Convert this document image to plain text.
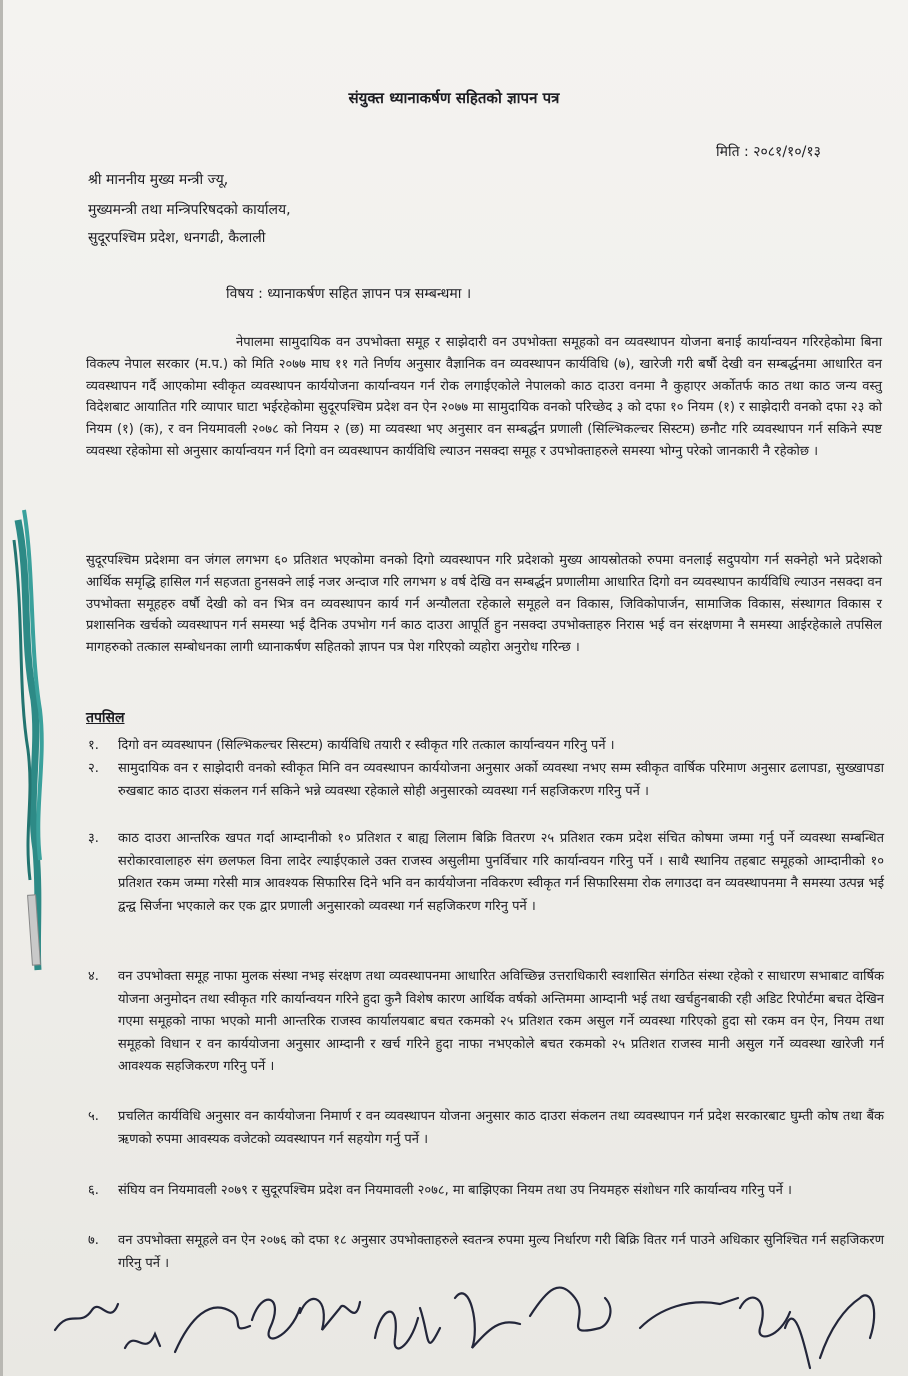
संयुक्त ध्यानाकर्षण सहितको ज्ञापन पत्र
मिति : २०८१/१०/१३
श्री माननीय मुख्य मन्त्री ज्यू,
मुख्यमन्त्री तथा मन्त्रिपरिषदको कार्यालय,
सुदूरपश्चिम प्रदेश, धनगढी, कैलाली
विषय : ध्यानाकर्षण सहित ज्ञापन पत्र सम्बन्धमा ।
नेपालमा सामुदायिक वन उपभोक्ता समूह र साझेदारी वन उपभोक्ता समूहको वन व्यवस्थापन योजना बनाई कार्यान्वयन गरिरहेकोमा बिना विकल्प नेपाल सरकार (म.प.) को मिति २०७७ माघ ११ गते निर्णय अनुसार वैज्ञानिक वन व्यवस्थापन कार्यविधि (७), खारेजी गरी बर्षौ देखी वन सम्बर्द्धनमा आधारित वन व्यवस्थापन गर्दै आएकोमा स्वीकृत व्यवस्थापन कार्ययोजना कार्यान्वयन गर्न रोक लगाईएकोले नेपालको काठ दाउरा वनमा नै कुहाएर अर्कोतर्फ काठ तथा काठ जन्य वस्तु विदेशबाट आयातित गरि व्यापार घाटा भईरहेकोमा सुदूरपश्चिम प्रदेश वन ऐन २०७७ मा सामुदायिक वनको परिच्छेद ३ को दफा १० नियम (१) र साझेदारी वनको दफा २३ को नियम (१) (क), र वन नियमावली २०७८ को नियम २ (छ) मा व्यवस्था भए अनुसार वन सम्बर्द्धन प्रणाली (सिल्भिकल्चर सिस्टम) छनौट गरि व्यवस्थापन गर्न सकिने स्पष्ट व्यवस्था रहेकोमा सो अनुसार कार्यान्वयन गर्न दिगो वन व्यवस्थापन कार्यविधि ल्याउन नसक्दा समूह र उपभोक्ताहरुले समस्या भोग्नु परेको जानकारी नै रहेकोछ ।
सुदूरपश्चिम प्रदेशमा वन जंगल लगभग ६० प्रतिशत भएकोमा वनको दिगो व्यवस्थापन गरि प्रदेशको मुख्य आयस्रोतको रुपमा वनलाई सदुपयोग गर्न सक्नेहो भने प्रदेशको आर्थिक समृद्धि हासिल गर्न सहजता हुनसक्ने लाई नजर अन्दाज गरि लगभग ४ वर्ष देखि वन सम्बर्द्धन प्रणालीमा आधारित दिगो वन व्यवस्थापन कार्यविधि ल्याउन नसक्दा वन उपभोक्ता समूहहरु वर्षौ देखी को वन भित्र वन व्यवस्थापन कार्य गर्न अन्यौलता रहेकाले समूहले वन विकास, जिविकोपार्जन, सामाजिक विकास, संस्थागत विकास र प्रशासनिक खर्चको व्यवस्थापन गर्न समस्या भई दैनिक उपभोग गर्न काठ दाउरा आपूर्ति हुन नसक्दा उपभोक्ताहरु निरास भई वन संरक्षणमा नै समस्या आईरहेकाले तपसिल मागहरुको तत्काल सम्बोधनका लागी ध्यानाकर्षण सहितको ज्ञापन पत्र पेश गरिएको व्यहोरा अनुरोध गरिन्छ ।
तपसिल
१.	दिगो वन व्यवस्थापन (सिल्भिकल्चर सिस्टम) कार्यविधि तयारी र स्वीकृत गरि तत्काल कार्यान्वयन गरिनु पर्ने ।
२.	सामुदायिक वन र साझेदारी वनको स्वीकृत मिनि वन व्यवस्थापन कार्ययोजना अनुसार अर्को व्यवस्था नभए सम्म स्वीकृत वार्षिक परिमाण अनुसार ढलापडा, सुख्खापडा रुखबाट काठ दाउरा संकलन गर्न सकिने भन्ने व्यवस्था रहेकाले सोही अनुसारको व्यवस्था गर्न सहजिकरण गरिनु पर्ने ।
३.	काठ दाउरा आन्तरिक खपत गर्दा आम्दानीको १० प्रतिशत र बाह्य लिलाम बिक्रि वितरण २५ प्रतिशत रकम प्रदेश संचित कोषमा जम्मा गर्नु पर्ने व्यवस्था सम्बन्धित सरोकारवालाहरु संग छलफल विना लादेर ल्याईएकाले उक्त राजस्व असुलीमा पुनर्विचार गरि कार्यान्वयन गरिनु पर्ने । साथै स्थानिय तहबाट समूहको आम्दानीको १० प्रतिशत रकम जम्मा गरेसी मात्र आवश्यक सिफारिस दिने भनि वन कार्ययोजना नविकरण स्वीकृत गर्न सिफारिसमा रोक लगाउदा वन व्यवस्थापनमा नै समस्या उत्पन्न भई द्वन्द्व सिर्जना भएकाले कर एक द्वार प्रणाली अनुसारको व्यवस्था गर्न सहजिकरण गरिनु पर्ने ।
४.	वन उपभोक्ता समूह नाफा मुलक संस्था नभइ संरक्षण तथा व्यवस्थापनमा आधारित अविच्छिन्न उत्तराधिकारी स्वशासित संगठित संस्था रहेको र साधारण सभाबाट वार्षिक योजना अनुमोदन तथा स्वीकृत गरि कार्यान्वयन गरिने हुदा कुनै विशेष कारण आर्थिक वर्षको अन्तिममा आम्दानी भई तथा खर्चहुनबाकी रही अडिट रिपोर्टमा बचत देखिन गएमा समूहको नाफा भएको मानी आन्तरिक राजस्व कार्यालयबाट बचत रकमको २५ प्रतिशत रकम असुल गर्ने व्यवस्था गरिएको हुदा सो रकम वन ऐन, नियम तथा समूहको विधान र वन कार्ययोजना अनुसार आम्दानी र खर्च गरिने हुदा नाफा नभएकोले बचत रकमको २५ प्रतिशत राजस्व मानी असुल गर्ने व्यवस्था खारेजी गर्न आवश्यक सहजिकरण गरिनु पर्ने ।
५.	प्रचलित कार्यविधि अनुसार वन कार्ययोजना निमार्ण र वन व्यवस्थापन योजना अनुसार काठ दाउरा संकलन तथा व्यवस्थापन गर्न प्रदेश सरकारबाट घुम्ती कोष तथा बैंक ऋणको रुपमा आवस्यक वजेटको व्यवस्थापन गर्न सहयोग गर्नु पर्ने ।
६.	संघिय वन नियमावली २०७९ र सुदूरपश्चिम प्रदेश वन नियमावली २०७८, मा बाझिएका नियम तथा उप नियमहरु संशोधन गरि कार्यान्वय गरिनु पर्ने ।
७.	वन उपभोक्ता समूहले वन ऐन २०७६ को दफा १८ अनुसार उपभोक्ताहरुले स्वतन्त्र रुपमा मुल्य निर्धारण गरी बिक्रि वितर गर्न पाउने अधिकार सुनिश्चित गर्न सहजिकरण गरिनु पर्ने ।
